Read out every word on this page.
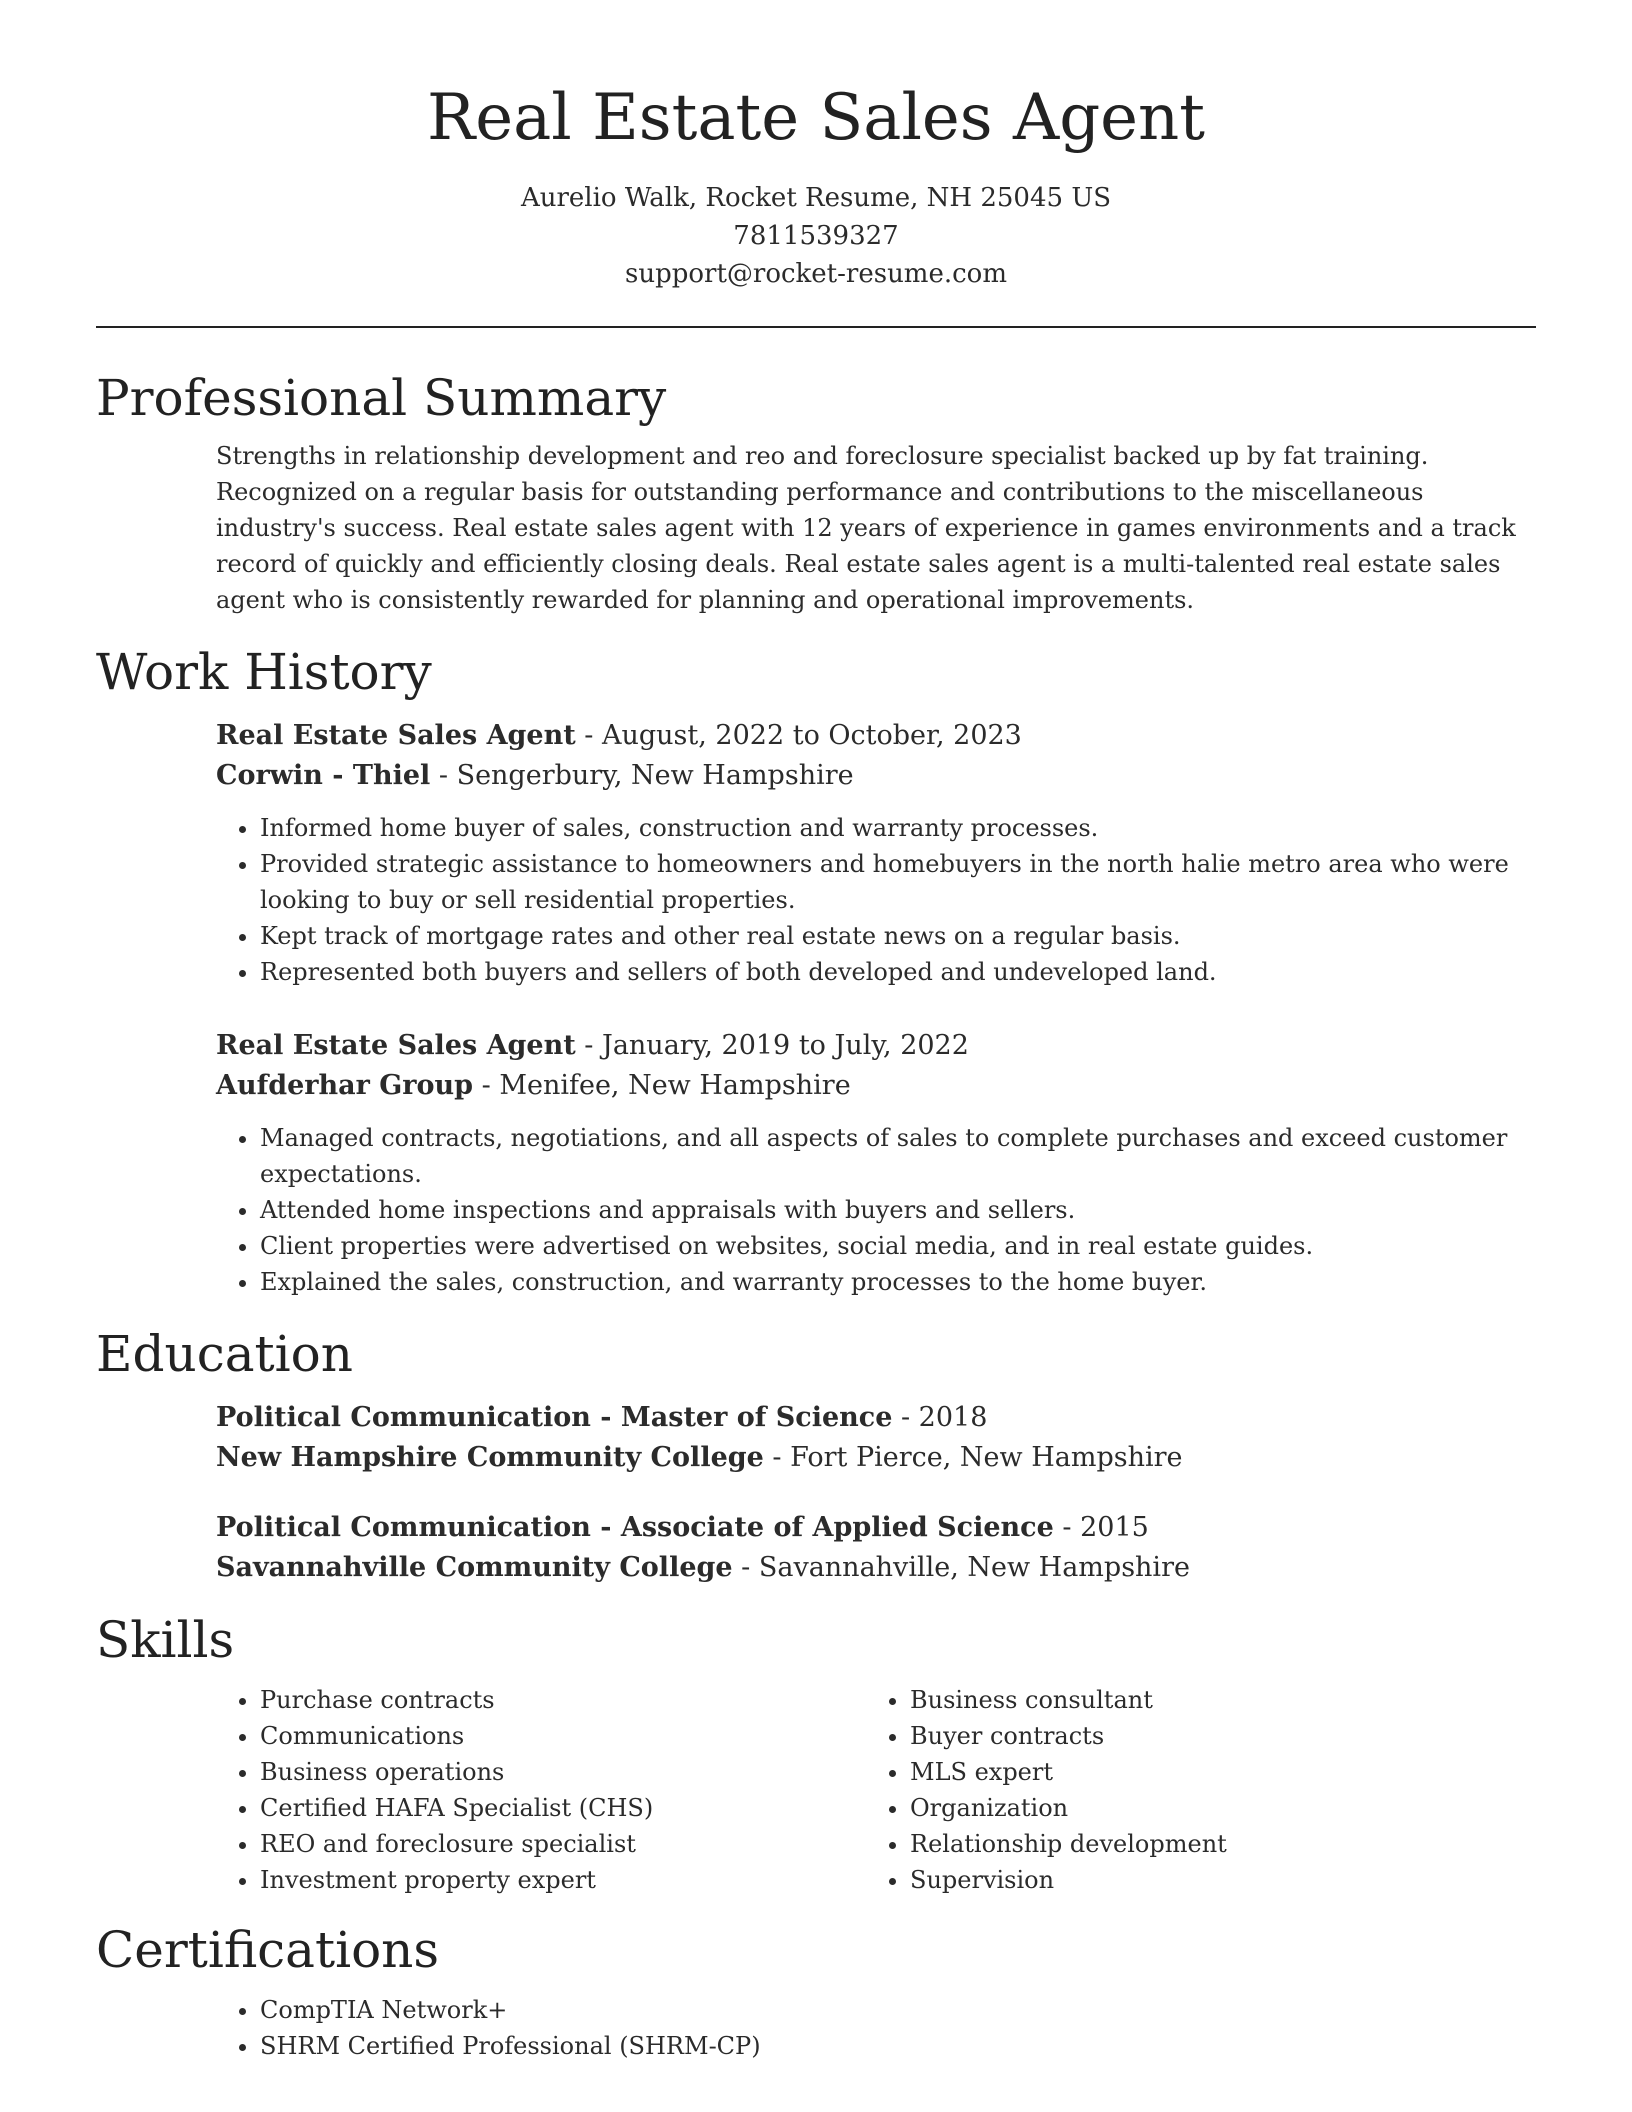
Real Estate Sales Agent
Aurelio Walk, Rocket Resume, NH 25045 US
7811539327
support@rocket-resume.com
Professional Summary

Strengths in relationship development and reo and foreclosure specialist backed up by fat training. Recognized on a regular basis for outstanding performance and contributions to the miscellaneous industry's success. Real estate sales agent with 12 years of experience in games environments and a track record of quickly and efficiently closing deals. Real estate sales agent is a multi-talented real estate sales agent who is consistently rewarded for planning and operational improvements.

Work History
Real Estate Sales Agent - August, 2022 to October, 2023
Corwin - Thiel - Sengerbury, New Hampshire
• Informed home buyer of sales, construction and warranty processes.
• Provided strategic assistance to homeowners and homebuyers in the north halie metro area who were looking to buy or sell residential properties.
• Kept track of mortgage rates and other real estate news on a regular basis.
• Represented both buyers and sellers of both developed and undeveloped land.
Real Estate Sales Agent - January, 2019 to July, 2022
Aufderhar Group - Menifee, New Hampshire
• Managed contracts, negotiations, and all aspects of sales to complete purchases and exceed customer expectations.
• Attended home inspections and appraisals with buyers and sellers.
• Client properties were advertised on websites, social media, and in real estate guides.
• Explained the sales, construction, and warranty processes to the home buyer.
Education
Political Communication - Master of Science - 2018
New Hampshire Community College - Fort Pierce, New Hampshire
Political Communication - Associate of Applied Science - 2015
Savannahville Community College - Savannahville, New Hampshire
Skills
• Purchase contracts
• Communications
• Business operations
• Certified HAFA Specialist (CHS)
• REO and foreclosure specialist
• Investment property expert
• Business consultant
• Buyer contracts
• MLS expert
• Organization
• Relationship development
• Supervision
Certifications
• CompTIA Network+
• SHRM Certified Professional (SHRM-CP)
